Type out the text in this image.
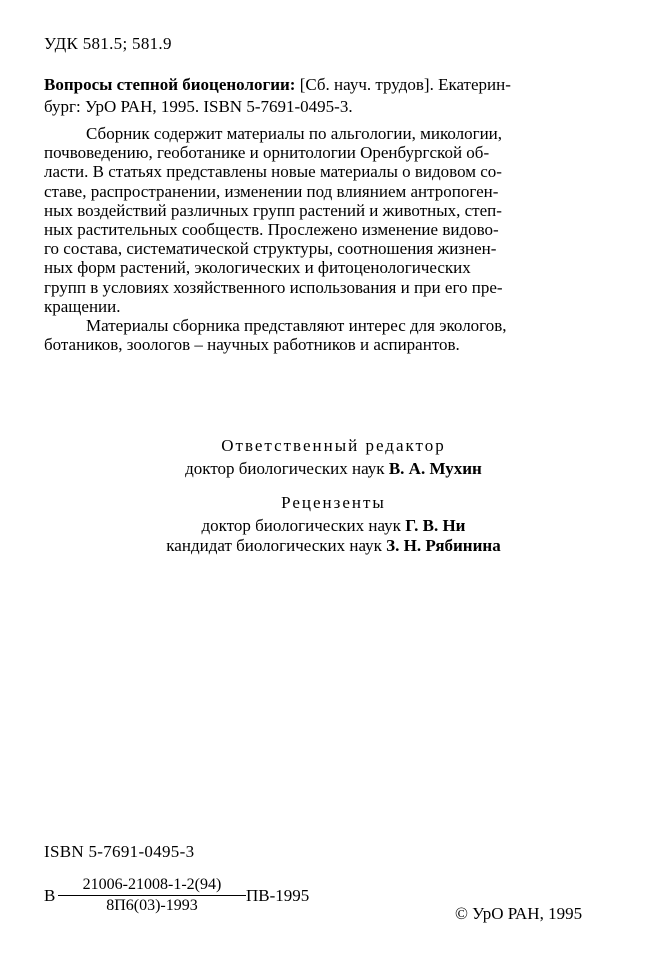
УДК 581.5; 581.9
Вопросы степной биоценологии: [Сб. науч. трудов]. Екатерин-
бург: УрО РАН, 1995. ISBN 5-7691-0495-3.
Сборник содержит материалы по альгологии, микологии,
почвоведению, геоботанике и орнитологии Оренбургской об-
ласти. В статьях представлены новые материалы о видовом со-
ставе, распространении, изменении под влиянием антропоген-
ных воздействий различных групп растений и животных, степ-
ных растительных сообществ. Прослежено изменение видово-
го состава, систематической структуры, соотношения жизнен-
ных форм растений, экологических и фитоценологических
групп в условиях хозяйственного использования и при его пре-
кращении.
Материалы сборника представляют интерес для экологов,
ботаников, зоологов – научных работников и аспирантов.
Ответственный редактор
доктор биологических наук В. А. Мухин
Рецензенты
доктор биологических наук Г. В. Ни
кандидат биологических наук З. Н. Рябинина
ISBN 5-7691-0495-3
В
21006-21008-1-2(94)
8П6(03)-1993
ПВ-1995
© УрО РАН, 1995
